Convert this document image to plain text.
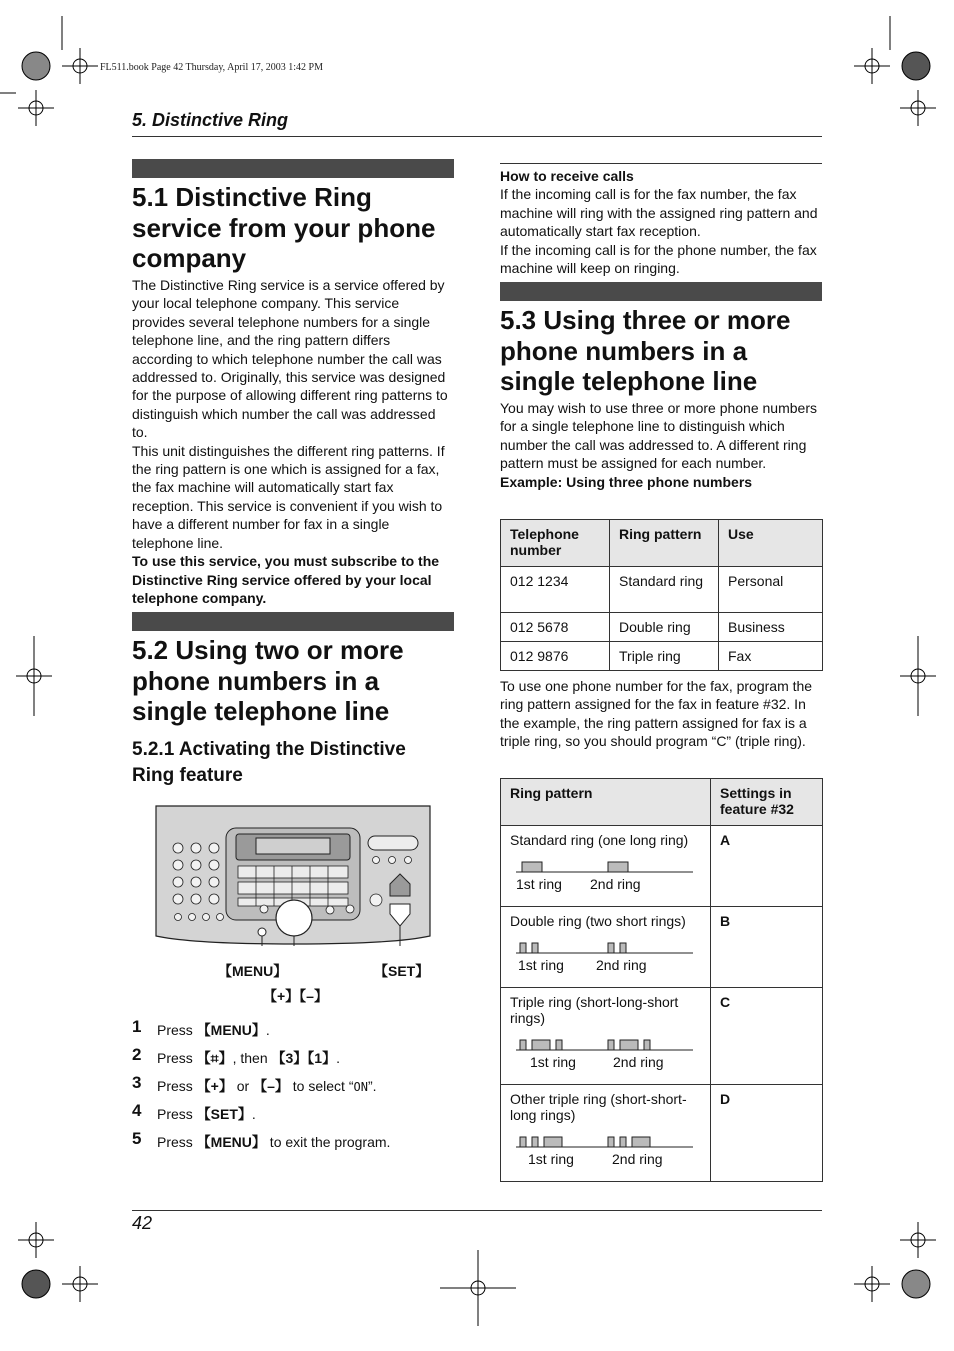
FL511.book Page 42 Thursday, April 17, 2003 1:42 PM
5. Distinctive Ring
5.1 Distinctive Ring service from your phone company

The Distinctive Ring service is a service offered by your local telephone company. This service provides several telephone numbers for a single telephone line, and the ring pattern differs according to which telephone number the call was addressed to. Originally, this service was designed for the purpose of allowing different ring patterns to distinguish which number the call was addressed to.

This unit distinguishes the different ring patterns. If the ring pattern is one which is assigned for a fax, the fax machine will automatically start fax reception. This service is convenient if you wish to have a different number for fax in a single telephone line.

To use this service, you must subscribe to the Distinctive Ring service offered by your local telephone company.

5.2 Using two or more phone numbers in a single telephone line
5.2.1 Activating the Distinctive Ring feature
【MENU】	【SET】
【+】【–】
1 Press 【MENU】.
2 Press 【⌗】, then 【3】【1】.
3 Press 【+】 or 【–】 to select “ON”.
4 Press 【SET】.
5 Press 【MENU】 to exit the program.

How to receive calls

If the incoming call is for the fax number, the fax machine will ring with the assigned ring pattern and automatically start fax reception.

If the incoming call is for the phone number, the fax machine will keep on ringing.

5.3 Using three or more phone numbers in a single telephone line

You may wish to use three or more phone numbers for a single telephone line to distinguish which number the call was addressed to. A different ring pattern must be assigned for each number.

Example: Using three phone numbers

Telephone number	Ring pattern	Use
012 1234	Standard ring	Personal
012 5678	Double ring	Business
012 9876	Triple ring	Fax
To use one phone number for the fax, program the ring pattern assigned for the fax in feature #32. In the example, the ring pattern assigned for fax is a triple ring, so you should program “C” (triple ring).
Ring pattern	Settings in feature #32

Standard ring (one long ring)
1st ring 2nd ring	A

Double ring (two short rings)
1st ring 2nd ring	B

Triple ring (short-long-short rings)
1st ring 2nd ring	C

Other triple ring (short-short-long rings)
1st ring 2nd ring	D
42
